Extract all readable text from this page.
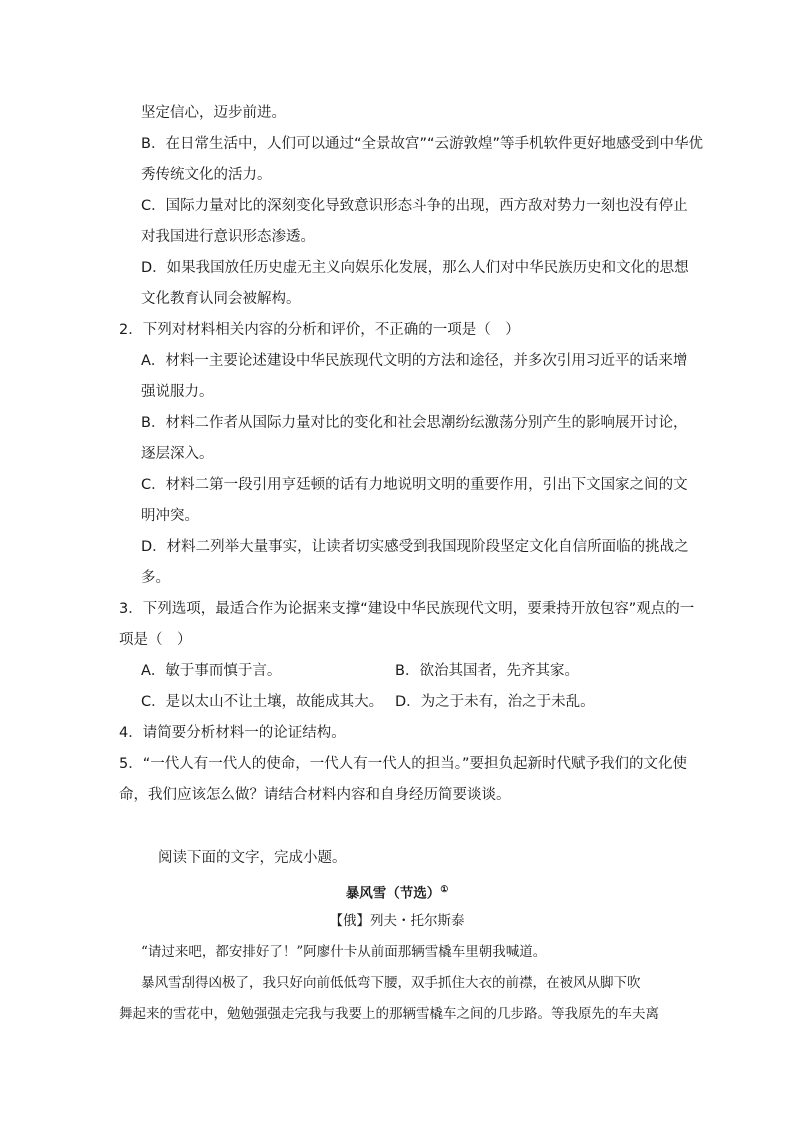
坚定信心，迈步前进。
B．在日常生活中，人们可以通过“全景故宫”“云游敦煌”等手机软件更好地感受到中华优
秀传统文化的活力。
C．国际力量对比的深刻变化导致意识形态斗争的出现，西方敌对势力一刻也没有停止
对我国进行意识形态渗透。
D．如果我国放任历史虚无主义向娱乐化发展，那么人们对中华民族历史和文化的思想
文化教育认同会被解构。
2．下列对材料相关内容的分析和评价，不正确的一项是（　）
A．材料一主要论述建设中华民族现代文明的方法和途径，并多次引用习近平的话来增
强说服力。
B．材料二作者从国际力量对比的变化和社会思潮纷纭激荡分别产生的影响展开讨论，
逐层深入。
C．材料二第一段引用亨廷顿的话有力地说明文明的重要作用，引出下文国家之间的文
明冲突。
D．材料二列举大量事实，让读者切实感受到我国现阶段坚定文化自信所面临的挑战之
多。
3．下列选项，最适合作为论据来支撑“建设中华民族现代文明，要秉持开放包容”观点的一
项是（　）
A．敏于事而慎于言。	B．欲治其国者，先齐其家。
C．是以太山不让土壤，故能成其大。 D．为之于未有，治之于未乱。
4．请简要分析材料一的论证结构。
5．“一代人有一代人的使命，一代人有一代人的担当。”要担负起新时代赋予我们的文化使
命，我们应该怎么做？请结合材料内容和自身经历简要谈谈。
阅读下面的文字，完成小题。
暴风雪（节选）①
【俄】列夫・托尔斯泰
“请过来吧，都安排好了！”阿廖什卡从前面那辆雪橇车里朝我喊道。
暴风雪刮得凶极了，我只好向前低低弯下腰，双手抓住大衣的前襟，在被风从脚下吹
舞起来的雪花中，勉勉强强走完我与我要上的那辆雪橇车之间的几步路。等我原先的车夫离
